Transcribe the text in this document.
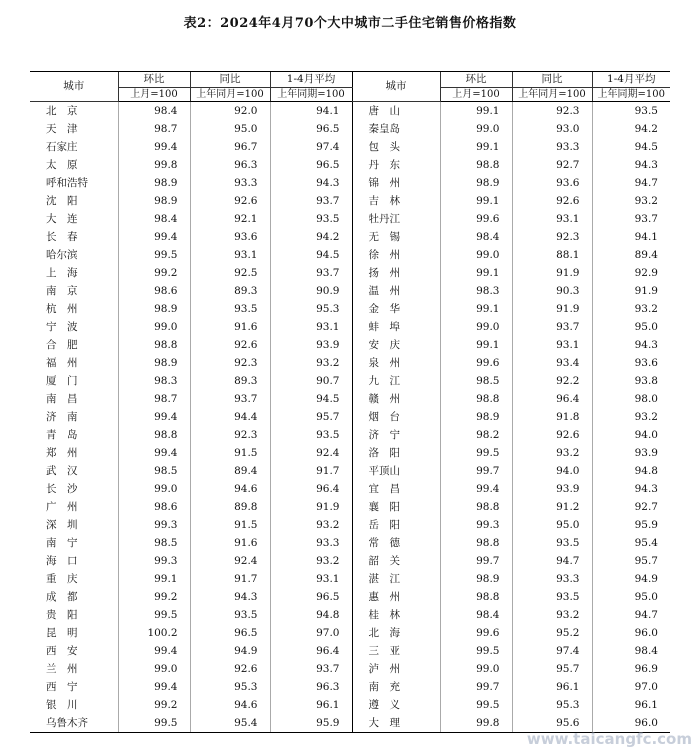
表2：2024年4月70个大中城市二手住宅销售价格指数
城市	环比	同比	1-4月平均	城市	环比	同比	1-4月平均
	上月=100	上年同月=100	上年同期=100		上月=100	上年同月=100	上年同期=100
北　京	98.4	92.0	94.1	唐　山	99.1	92.3	93.5
天　津	98.7	95.0	96.5	秦皇岛	99.0	93.0	94.2
石家庄	99.4	96.7	97.4	包　头	99.1	93.3	94.5
太　原	99.8	96.3	96.5	丹　东	98.8	92.7	94.3
呼和浩特	98.9	93.3	94.3	锦　州	98.9	93.6	94.7
沈　阳	98.9	92.6	93.7	吉　林	99.1	92.6	93.2
大　连	98.4	92.1	93.5	牡丹江	99.6	93.1	93.7
长　春	99.4	93.6	94.2	无　锡	98.4	92.3	94.1
哈尔滨	99.5	93.1	94.5	徐　州	99.0	88.1	89.4
上　海	99.2	92.5	93.7	扬　州	99.1	91.9	92.9
南　京	98.6	89.3	90.9	温　州	98.3	90.3	91.9
杭　州	98.9	93.5	95.3	金　华	99.1	91.9	93.2
宁　波	99.0	91.6	93.1	蚌　埠	99.0	93.7	95.0
合　肥	98.8	92.6	93.9	安　庆	99.1	93.1	94.3
福　州	98.9	92.3	93.2	泉　州	99.6	93.4	93.6
厦　门	98.3	89.3	90.7	九　江	98.5	92.2	93.8
南　昌	98.7	93.7	94.5	赣　州	98.8	96.4	98.0
济　南	99.4	94.4	95.7	烟　台	98.9	91.8	93.2
青　岛	98.8	92.3	93.5	济　宁	98.2	92.6	94.0
郑　州	99.4	91.5	92.4	洛　阳	99.5	93.2	93.9
武　汉	98.5	89.4	91.7	平顶山	99.7	94.0	94.8
长　沙	99.0	94.6	96.4	宜　昌	99.4	93.9	94.3
广　州	98.6	89.8	91.9	襄　阳	98.8	91.2	92.7
深　圳	99.3	91.5	93.2	岳　阳	99.3	95.0	95.9
南　宁	98.5	91.6	93.3	常　德	98.8	93.5	95.4
海　口	99.3	92.4	93.2	韶　关	99.7	94.7	95.7
重　庆	99.1	91.7	93.1	湛　江	98.9	93.3	94.9
成　都	99.2	94.3	96.5	惠　州	98.8	93.5	95.0
贵　阳	99.5	93.5	94.8	桂　林	98.4	93.2	94.7
昆　明	100.2	96.5	97.0	北　海	99.6	95.2	96.0
西　安	99.4	94.9	96.4	三　亚	99.5	97.4	98.4
兰　州	99.0	92.6	93.7	泸　州	99.0	95.7	96.9
西　宁	99.4	95.3	96.3	南　充	99.7	96.1	97.0
银　川	99.2	94.6	96.1	遵　义	99.5	95.3	96.1
乌鲁木齐	99.5	95.4	95.9	大　理	99.8	95.6	96.0
www.taicangfc.com
